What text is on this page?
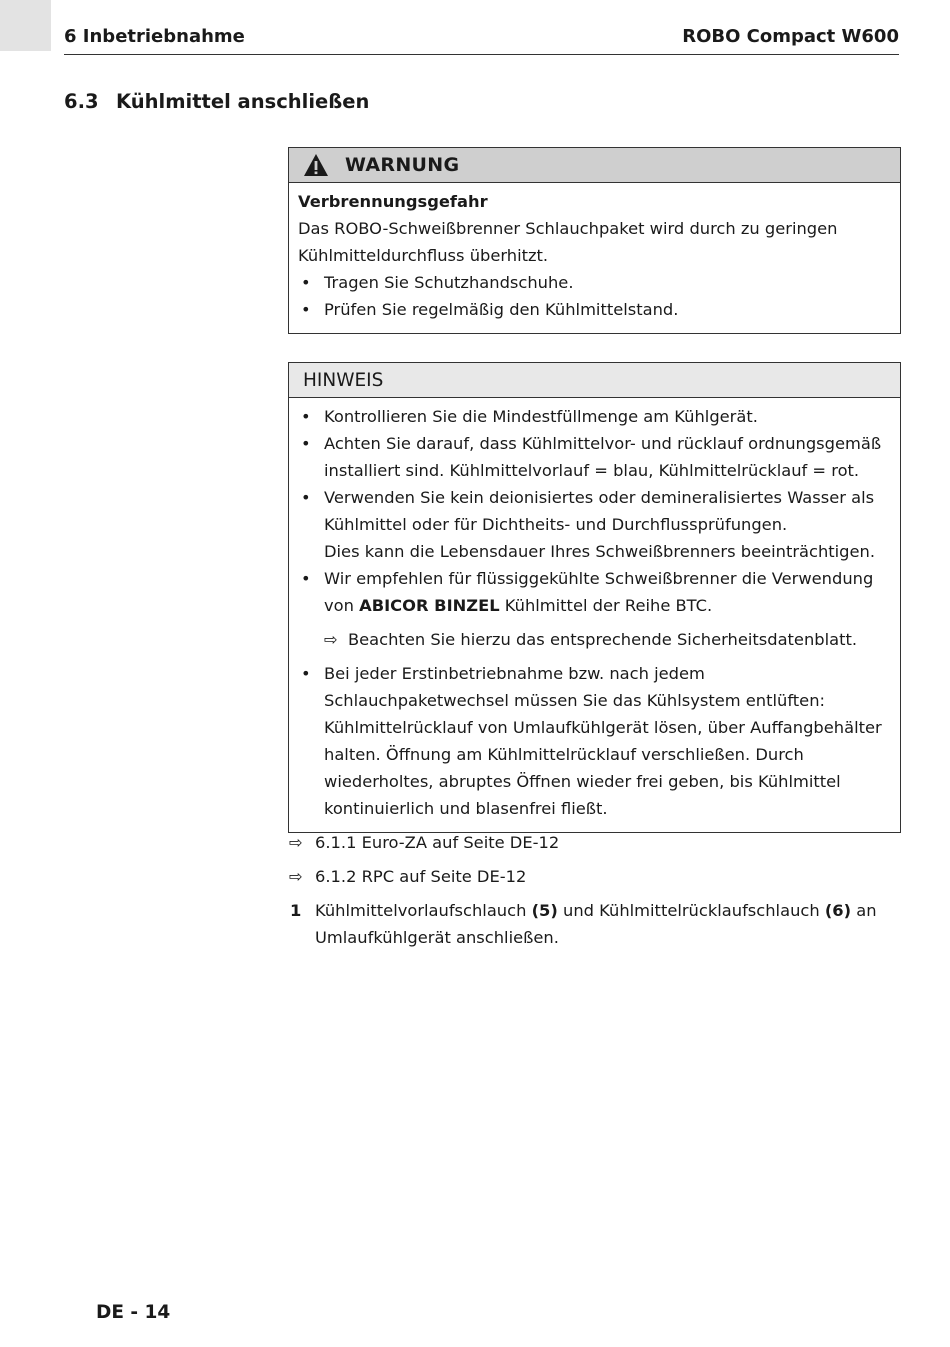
6 Inbetriebnahme	ROBO Compact W600
6.3 Kühlmittel anschließen
WARNUNG

Verbrennungsgefahr

Das ROBO-Schweißbrenner Schlauchpaket wird durch zu geringen Kühlmitteldurchfluss überhitzt.

• Tragen Sie Schutzhandschuhe.
• Prüfen Sie regelmäßig den Kühlmittelstand.
HINWEIS
• Kontrollieren Sie die Mindestfüllmenge am Kühlgerät.
• Achten Sie darauf, dass Kühlmittelvor- und rücklauf ordnungsgemäß installiert sind. Kühlmittelvorlauf = blau, Kühlmittelrücklauf = rot.
• Verwenden Sie kein deionisiertes oder demineralisiertes Wasser als Kühlmittel oder für Dichtheits- und Durchflussprüfungen.
Dies kann die Lebensdauer Ihres Schweißbrenners beeinträchtigen.
• Wir empfehlen für flüssiggekühlte Schweißbrenner die Verwendung von ABICOR BINZEL Kühlmittel der Reihe BTC.
⇨ Beachten Sie hierzu das entsprechende Sicherheitsdatenblatt.
• Bei jeder Erstinbetriebnahme bzw. nach jedem Schlauchpaketwechsel müssen Sie das Kühlsystem entlüften: Kühlmittelrücklauf von Umlaufkühlgerät lösen, über Auffangbehälter halten. Öffnung am Kühlmittelrücklauf verschließen. Durch wiederholtes, abruptes Öffnen wieder frei geben, bis Kühlmittel kontinuierlich und blasenfrei fließt.
⇨ 6.1.1 Euro-ZA auf Seite DE-12
⇨ 6.1.2 RPC auf Seite DE-12
1 Kühlmittelvorlaufschlauch (5) und Kühlmittelrücklaufschlauch (6) an Umlaufkühlgerät anschließen.
DE - 14
